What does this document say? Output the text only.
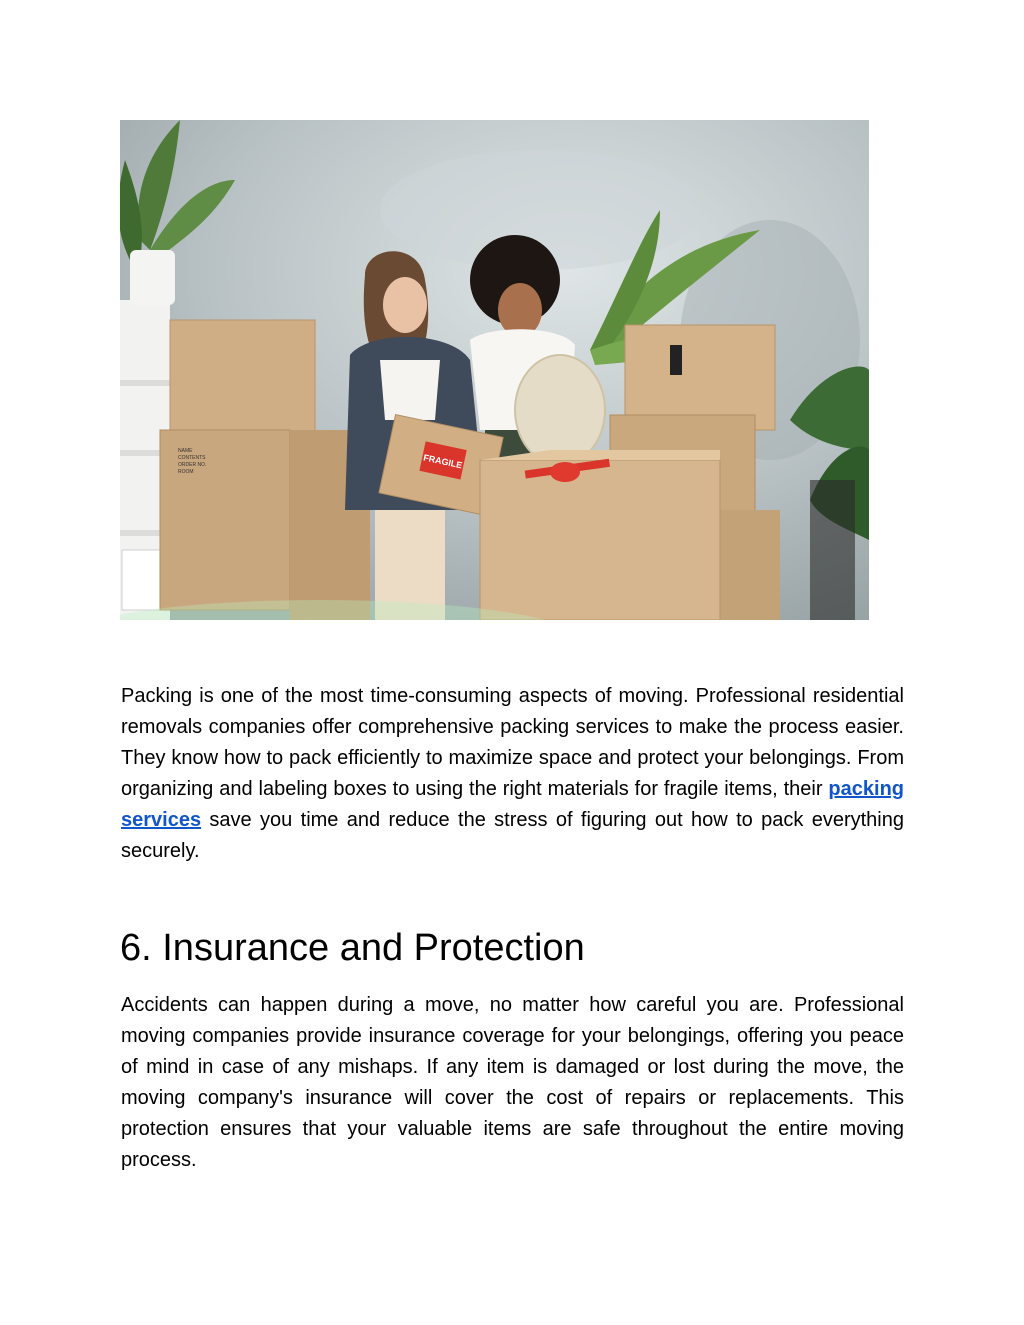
NAME
CONTENTS
ORDER NO.
ROOM
FRAGILE

Packing is one of the most time-consuming aspects of moving. Professional residential removals companies offer comprehensive packing services to make the process easier. They know how to pack efficiently to maximize space and protect your belongings. From organizing and labeling boxes to using the right materials for fragile items, their packing services save you time and reduce the stress of figuring out how to pack everything securely.

6. Insurance and Protection

Accidents can happen during a move, no matter how careful you are. Professional moving companies provide insurance coverage for your belongings, offering you peace of mind in case of any mishaps. If any item is damaged or lost during the move, the moving company's insurance will cover the cost of repairs or replacements. This protection ensures that your valuable items are safe throughout the entire moving process.
